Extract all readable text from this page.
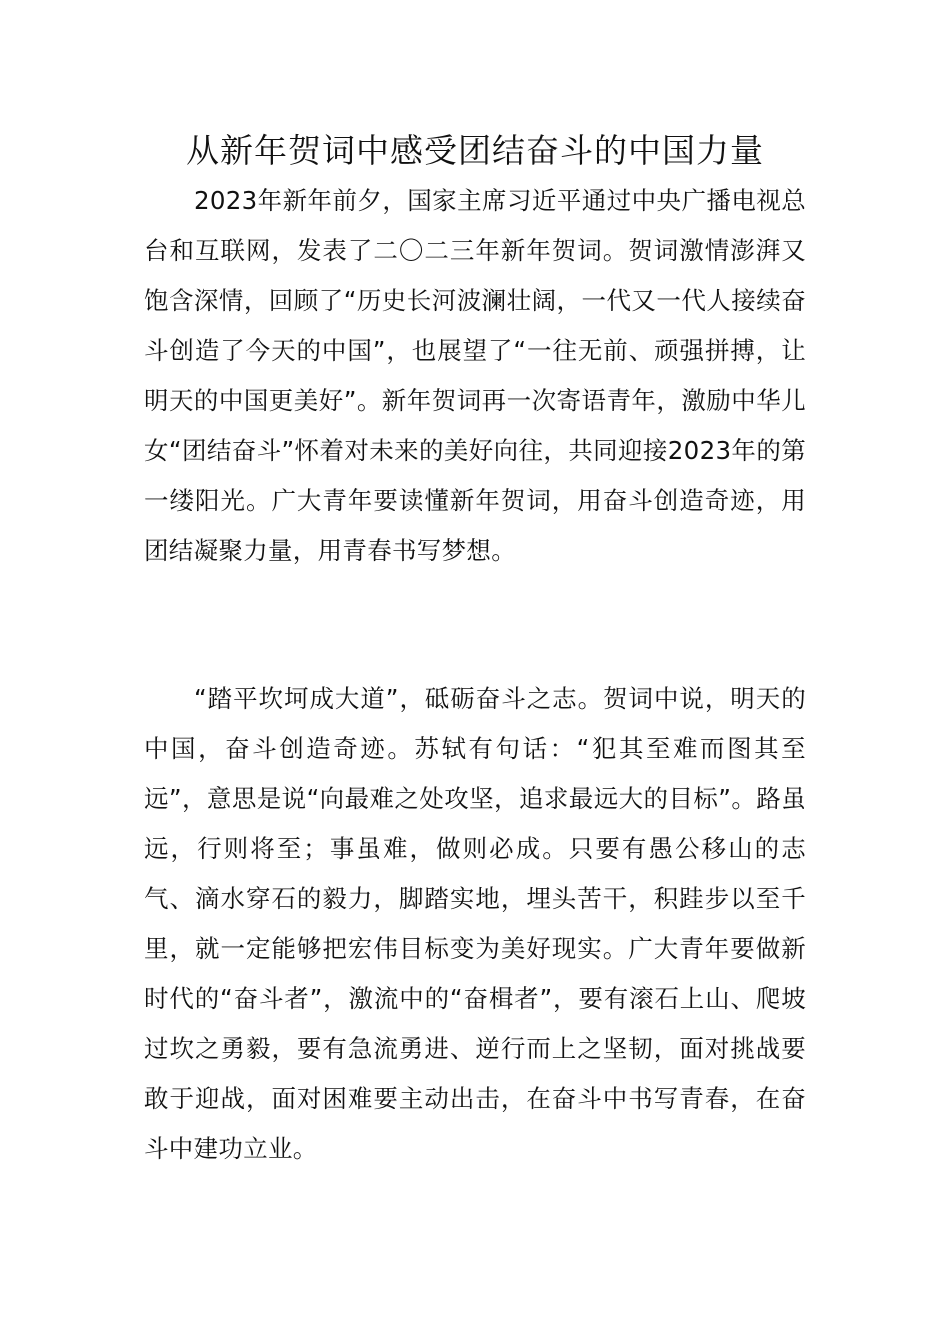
从新年贺词中感受团结奋斗的中国力量

2023年新年前夕，国家主席习近平通过中央广播电视总台和互联网，发表了二〇二三年新年贺词。贺词激情澎湃又饱含深情，回顾了“历史长河波澜壮阔，一代又一代人接续奋斗创造了今天的中国”，也展望了“一往无前、顽强拼搏，让明天的中国更美好”。新年贺词再一次寄语青年，激励中华儿女“团结奋斗”怀着对未来的美好向往，共同迎接2023年的第一缕阳光。广大青年要读懂新年贺词，用奋斗创造奇迹，用团结凝聚力量，用青春书写梦想。

“踏平坎坷成大道”，砥砺奋斗之志。贺词中说，明天的中国，奋斗创造奇迹。苏轼有句话：“犯其至难而图其至远”，意思是说“向最难之处攻坚，追求最远大的目标”。路虽远，行则将至；事虽难，做则必成。只要有愚公移山的志气、滴水穿石的毅力，脚踏实地，埋头苦干，积跬步以至千里，就一定能够把宏伟目标变为美好现实。广大青年要做新时代的“奋斗者”，激流中的“奋楫者”，要有滚石上山、爬坡过坎之勇毅，要有急流勇进、逆行而上之坚韧，面对挑战要敢于迎战，面对困难要主动出击，在奋斗中书写青春，在奋斗中建功立业。
